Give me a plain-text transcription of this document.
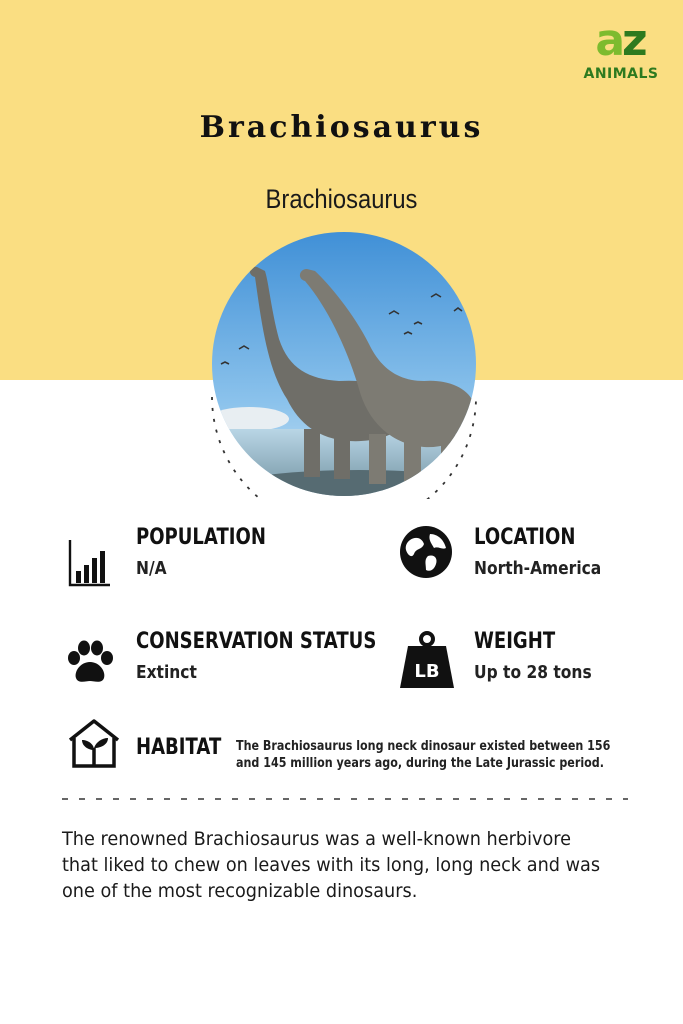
az
ANIMALS
Brachiosaurus
Brachiosaurus
POPULATION
N/A
LOCATION
North-America
CONSERVATION STATUS
Extinct	LB
WEIGHT
Up to 28 tons
HABITAT The Brachiosaurus long neck dinosaur existed between 156
and 145 million years ago, during the Late Jurassic period.
The renowned Brachiosaurus was a well-known herbivore
that liked to chew on leaves with its long, long neck and was
one of the most recognizable dinosaurs.
